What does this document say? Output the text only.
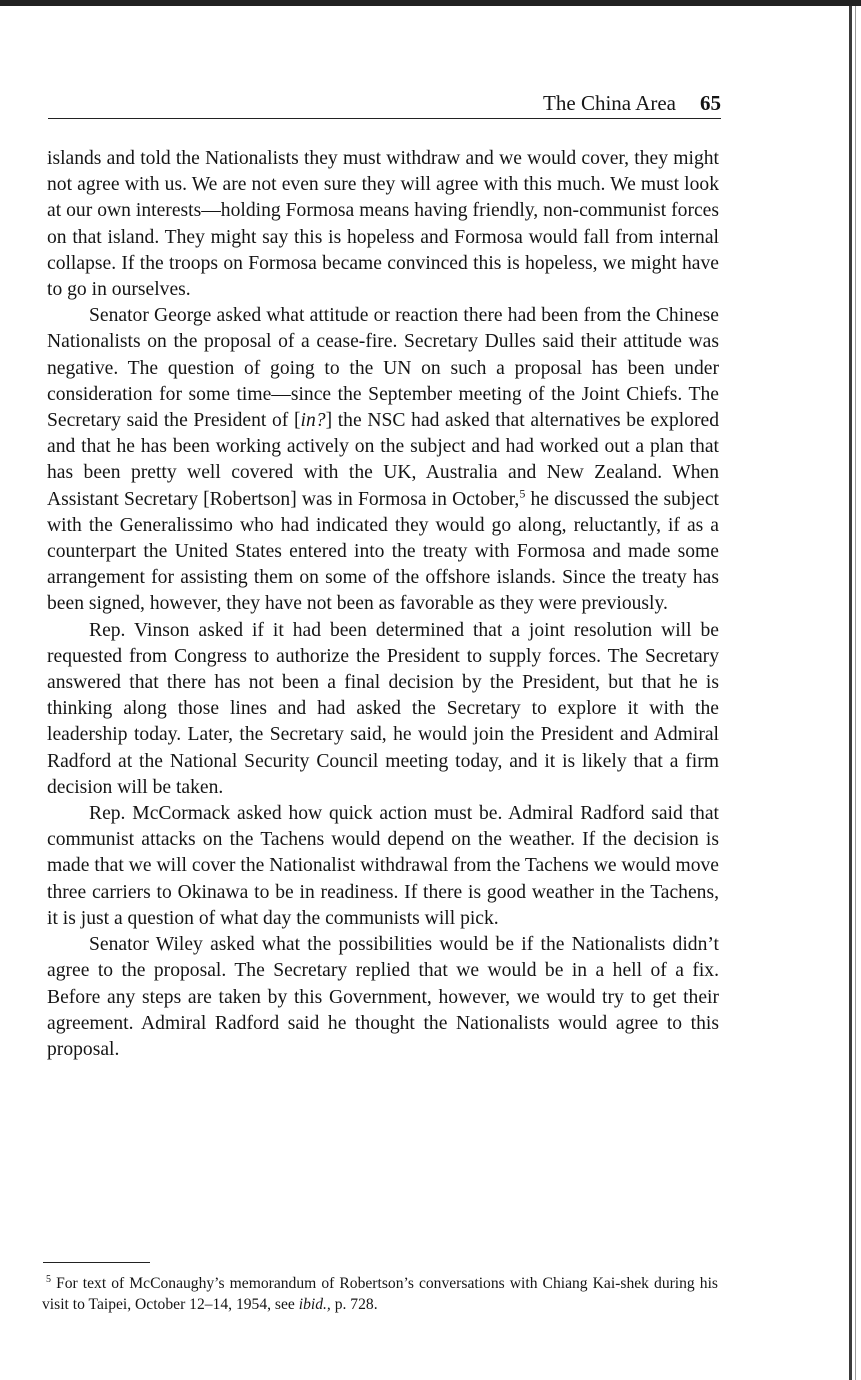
The China Area 65

islands and told the Nationalists they must withdraw and we would cover, they might not agree with us. We are not even sure they will agree with this much. We must look at our own interests—holding Formosa means having friendly, non-communist forces on that island. They might say this is hopeless and Formosa would fall from internal collapse. If the troops on Formosa became convinced this is hopeless, we might have to go in ourselves.

Senator George asked what attitude or reaction there had been from the Chinese Nationalists on the proposal of a cease-fire. Secretary Dulles said their attitude was negative. The question of going to the UN on such a proposal has been under consideration for some time—since the September meeting of the Joint Chiefs. The Secretary said the President of [in?] the NSC had asked that alternatives be explored and that he has been working actively on the subject and had worked out a plan that has been pretty well covered with the UK, Australia and New Zealand. When Assistant Secretary [Robertson] was in Formosa in October,$^5$ he discussed the subject with the Generalissimo who had indicated they would go along, reluctantly, if as a counterpart the United States entered into the treaty with Formosa and made some arrangement for assisting them on some of the offshore islands. Since the treaty has been signed, however, they have not been as favorable as they were previously.

Rep. Vinson asked if it had been determined that a joint resolution will be requested from Congress to authorize the President to supply forces. The Secretary answered that there has not been a final decision by the President, but that he is thinking along those lines and had asked the Secretary to explore it with the leadership today. Later, the Secretary said, he would join the President and Admiral Radford at the National Security Council meeting today, and it is likely that a firm decision will be taken.

Rep. McCormack asked how quick action must be. Admiral Radford said that communist attacks on the Tachens would depend on the weather. If the decision is made that we will cover the Nationalist withdrawal from the Tachens we would move three carriers to Okinawa to be in readiness. If there is good weather in the Tachens, it is just a question of what day the communists will pick.

Senator Wiley asked what the possibilities would be if the Nationalists didn’t agree to the proposal. The Secretary replied that we would be in a hell of a fix. Before any steps are taken by this Government, however, we would try to get their agreement. Admiral Radford said he thought the Nationalists would agree to this proposal.

$^5$ For text of McConaughy’s memorandum of Robertson’s conversations with Chiang Kai-shek during his visit to Taipei, October 12–14, 1954, see ibid., p. 728.
